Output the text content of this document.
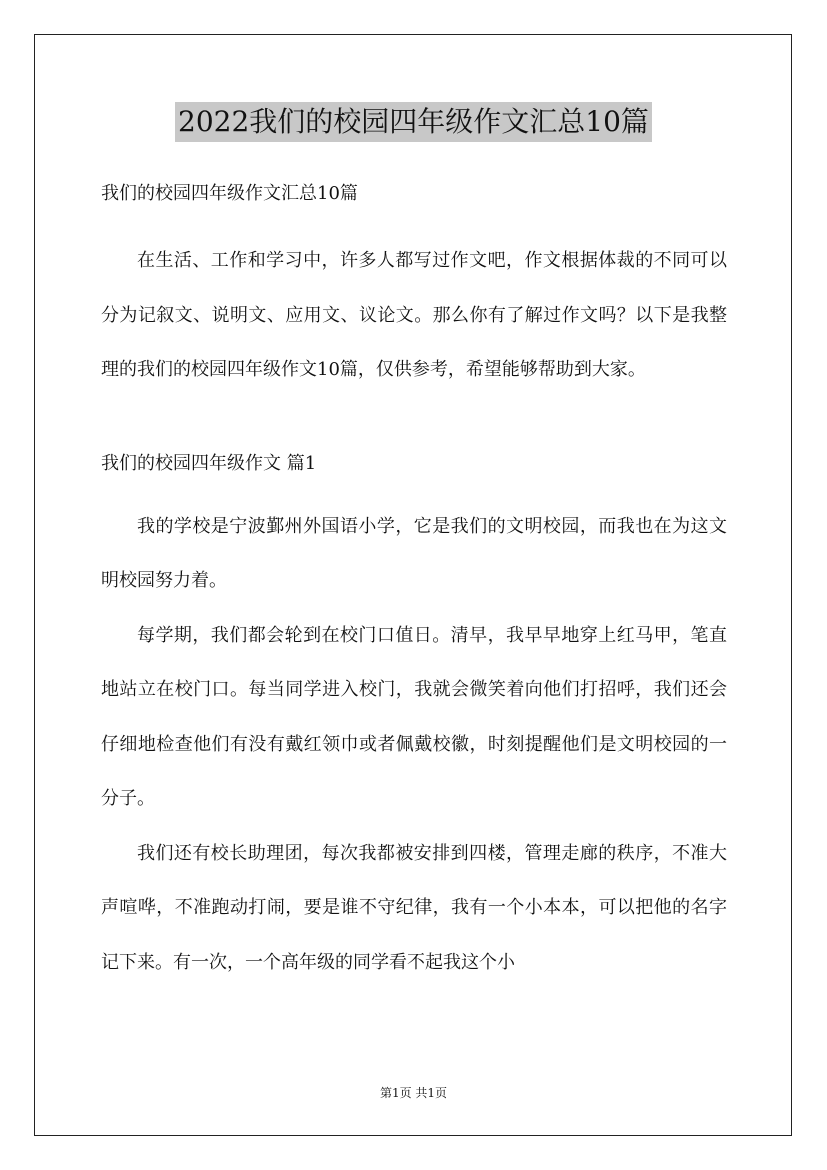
2022我们的校园四年级作文汇总10篇
我们的校园四年级作文汇总10篇

在生活、工作和学习中，许多人都写过作文吧，作文根据体裁的不同可以分为记叙文、说明文、应用文、议论文。那么你有了解过作文吗？以下是我整理的我们的校园四年级作文10篇，仅供参考，希望能够帮助到大家。

我们的校园四年级作文 篇1

我的学校是宁波鄞州外国语小学，它是我们的文明校园，而我也在为这文明校园努力着。

每学期，我们都会轮到在校门口值日。清早，我早早地穿上红马甲，笔直地站立在校门口。每当同学进入校门，我就会微笑着向他们打招呼，我们还会仔细地检查他们有没有戴红领巾或者佩戴校徽，时刻提醒他们是文明校园的一分子。

我们还有校长助理团，每次我都被安排到四楼，管理走廊的秩序，不准大声喧哗，不准跑动打闹，要是谁不守纪律，我有一个小本本，可以把他的名字记下来。有一次，一个高年级的同学看不起我这个小

第1页 共1页
